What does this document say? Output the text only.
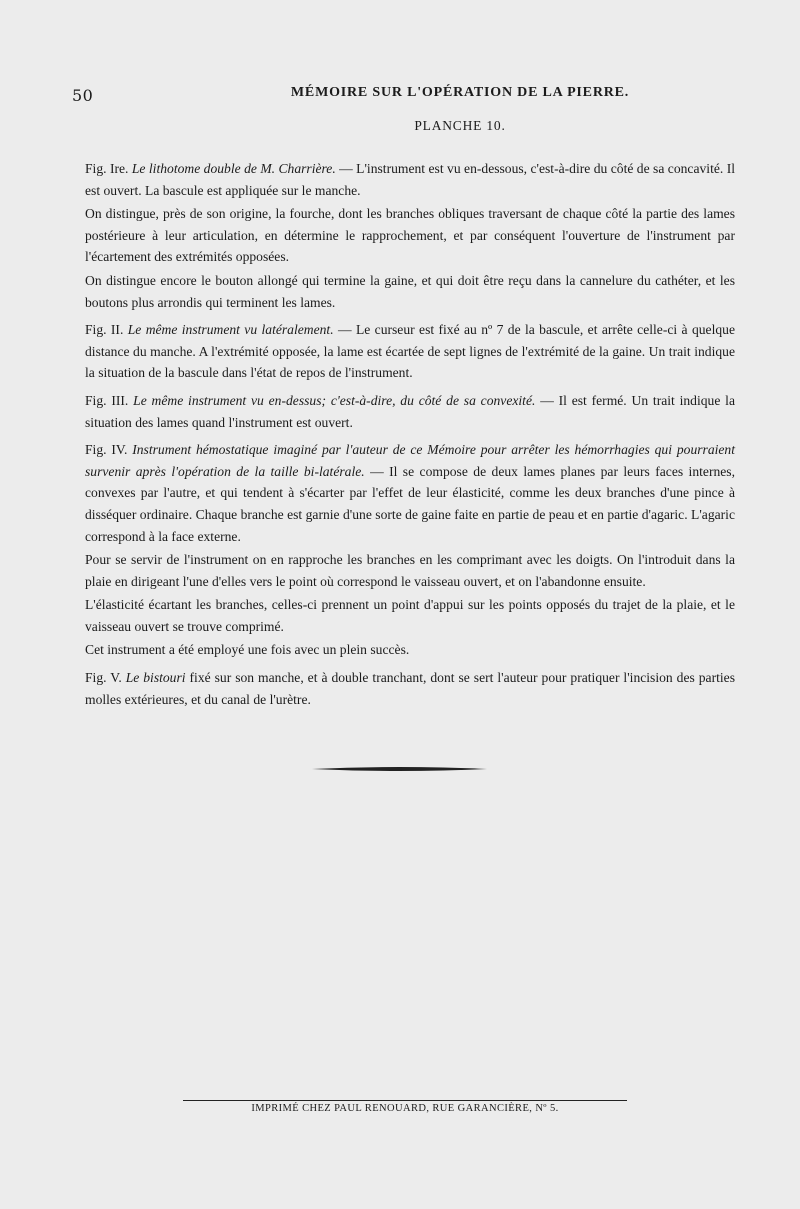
50	MÉMOIRE SUR L'OPÉRATION DE LA PIERRE.
PLANCHE 10.

Fig. Ire. Le lithotome double de M. Charrière. — L'instrument est vu en-dessous, c'est-à-dire du côté de sa concavité. Il est ouvert. La bascule est appliquée sur le manche.

On distingue, près de son origine, la fourche, dont les branches obliques traversant de chaque côté la partie des lames postérieure à leur articulation, en détermine le rapprochement, et par conséquent l'ouverture de l'instrument par l'écartement des extrémités opposées.

On distingue encore le bouton allongé qui termine la gaine, et qui doit être reçu dans la cannelure du cathéter, et les boutons plus arrondis qui terminent les lames.

Fig. II. Le même instrument vu latéralement. — Le curseur est fixé au nº 7 de la bascule, et arrête celle-ci à quelque distance du manche. A l'extrémité opposée, la lame est écartée de sept lignes de l'extrémité de la gaine. Un trait indique la situation de la bascule dans l'état de repos de l'instrument.

Fig. III. Le même instrument vu en-dessus; c'est-à-dire, du côté de sa convexité. — Il est fermé. Un trait indique la situation des lames quand l'instrument est ouvert.

Fig. IV. Instrument hémostatique imaginé par l'auteur de ce Mémoire pour arrêter les hémorrhagies qui pourraient survenir après l'opération de la taille bi-latérale. — Il se compose de deux lames planes par leurs faces internes, convexes par l'autre, et qui tendent à s'écarter par l'effet de leur élasticité, comme les deux branches d'une pince à disséquer ordinaire. Chaque branche est garnie d'une sorte de gaine faite en partie de peau et en partie d'agaric. L'agaric correspond à la face externe.

Pour se servir de l'instrument on en rapproche les branches en les comprimant avec les doigts. On l'introduit dans la plaie en dirigeant l'une d'elles vers le point où correspond le vaisseau ouvert, et on l'abandonne ensuite.

L'élasticité écartant les branches, celles-ci prennent un point d'appui sur les points opposés du trajet de la plaie, et le vaisseau ouvert se trouve comprimé.

Cet instrument a été employé une fois avec un plein succès.

Fig. V. Le bistouri fixé sur son manche, et à double tranchant, dont se sert l'auteur pour pratiquer l'incision des parties molles extérieures, et du canal de l'urètre.

IMPRIMÉ CHEZ PAUL RENOUARD, RUE GARANCIÈRE, Nº 5.
